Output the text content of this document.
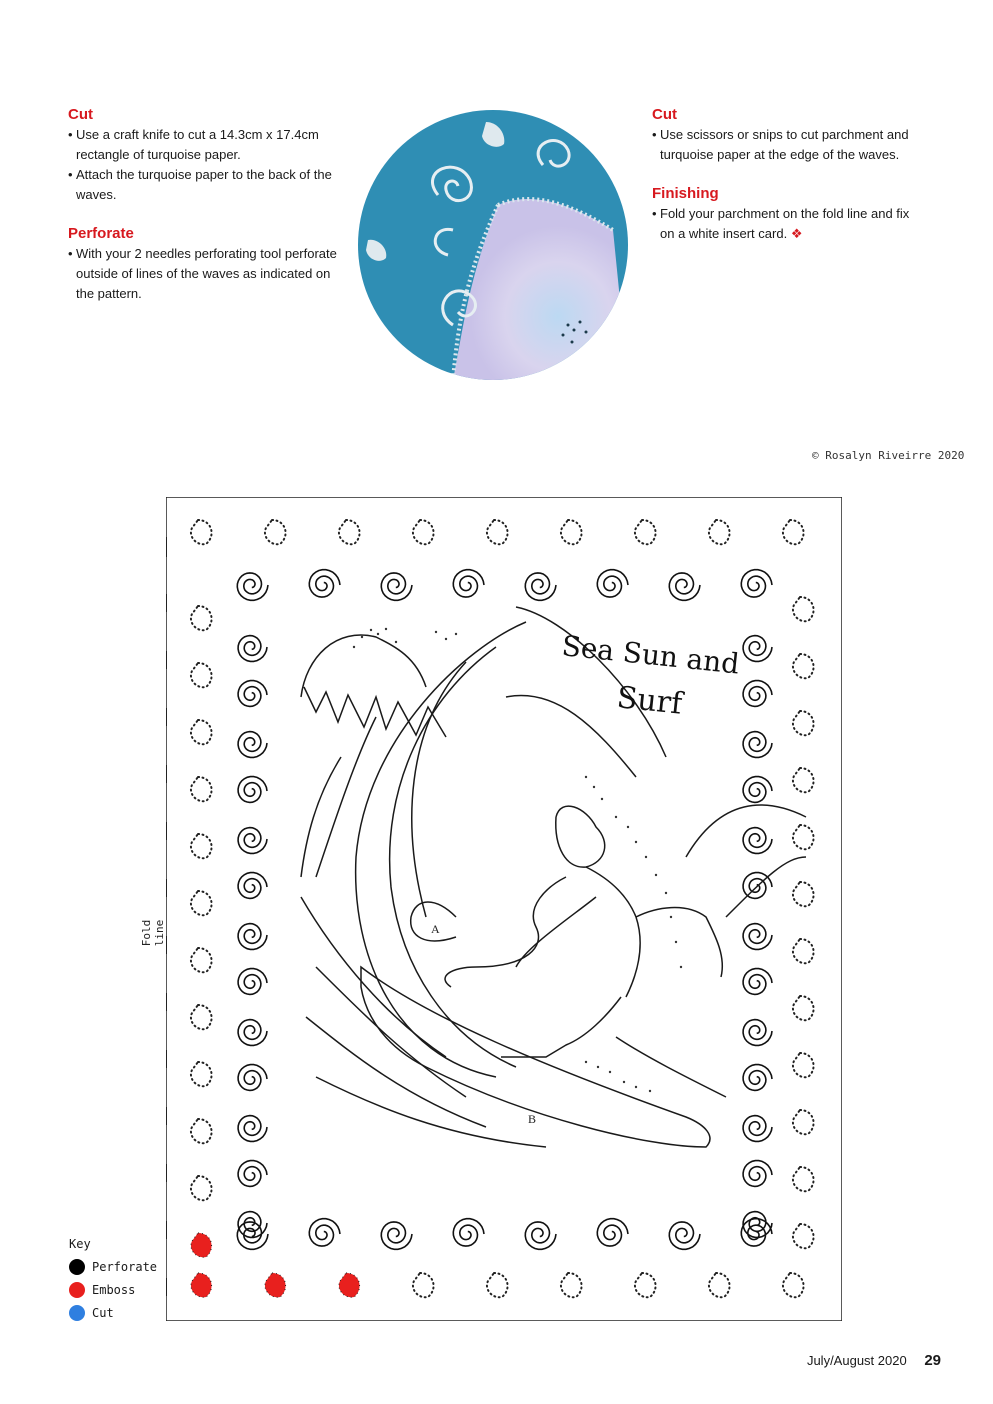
Cut
• Use a craft knife to cut a 14.3cm x 17.4cm rectangle of turquoise paper.
• Attach the turquoise paper to the back of the waves.
Perforate
• With your 2 needles perforating tool perforate outside of lines of the waves as indicated on the pattern.
Cut
• Use scissors or snips to cut parchment and turquoise paper at the edge of the waves.
Finishing
• Fold your parchment on the fold line and fix on a white insert card. ❖
© Rosalyn Riveirre 2020
A
B
Sea Sun and
Surf
Fold line
Key
Perforate
Emboss
Cut
July/August 2020 29
